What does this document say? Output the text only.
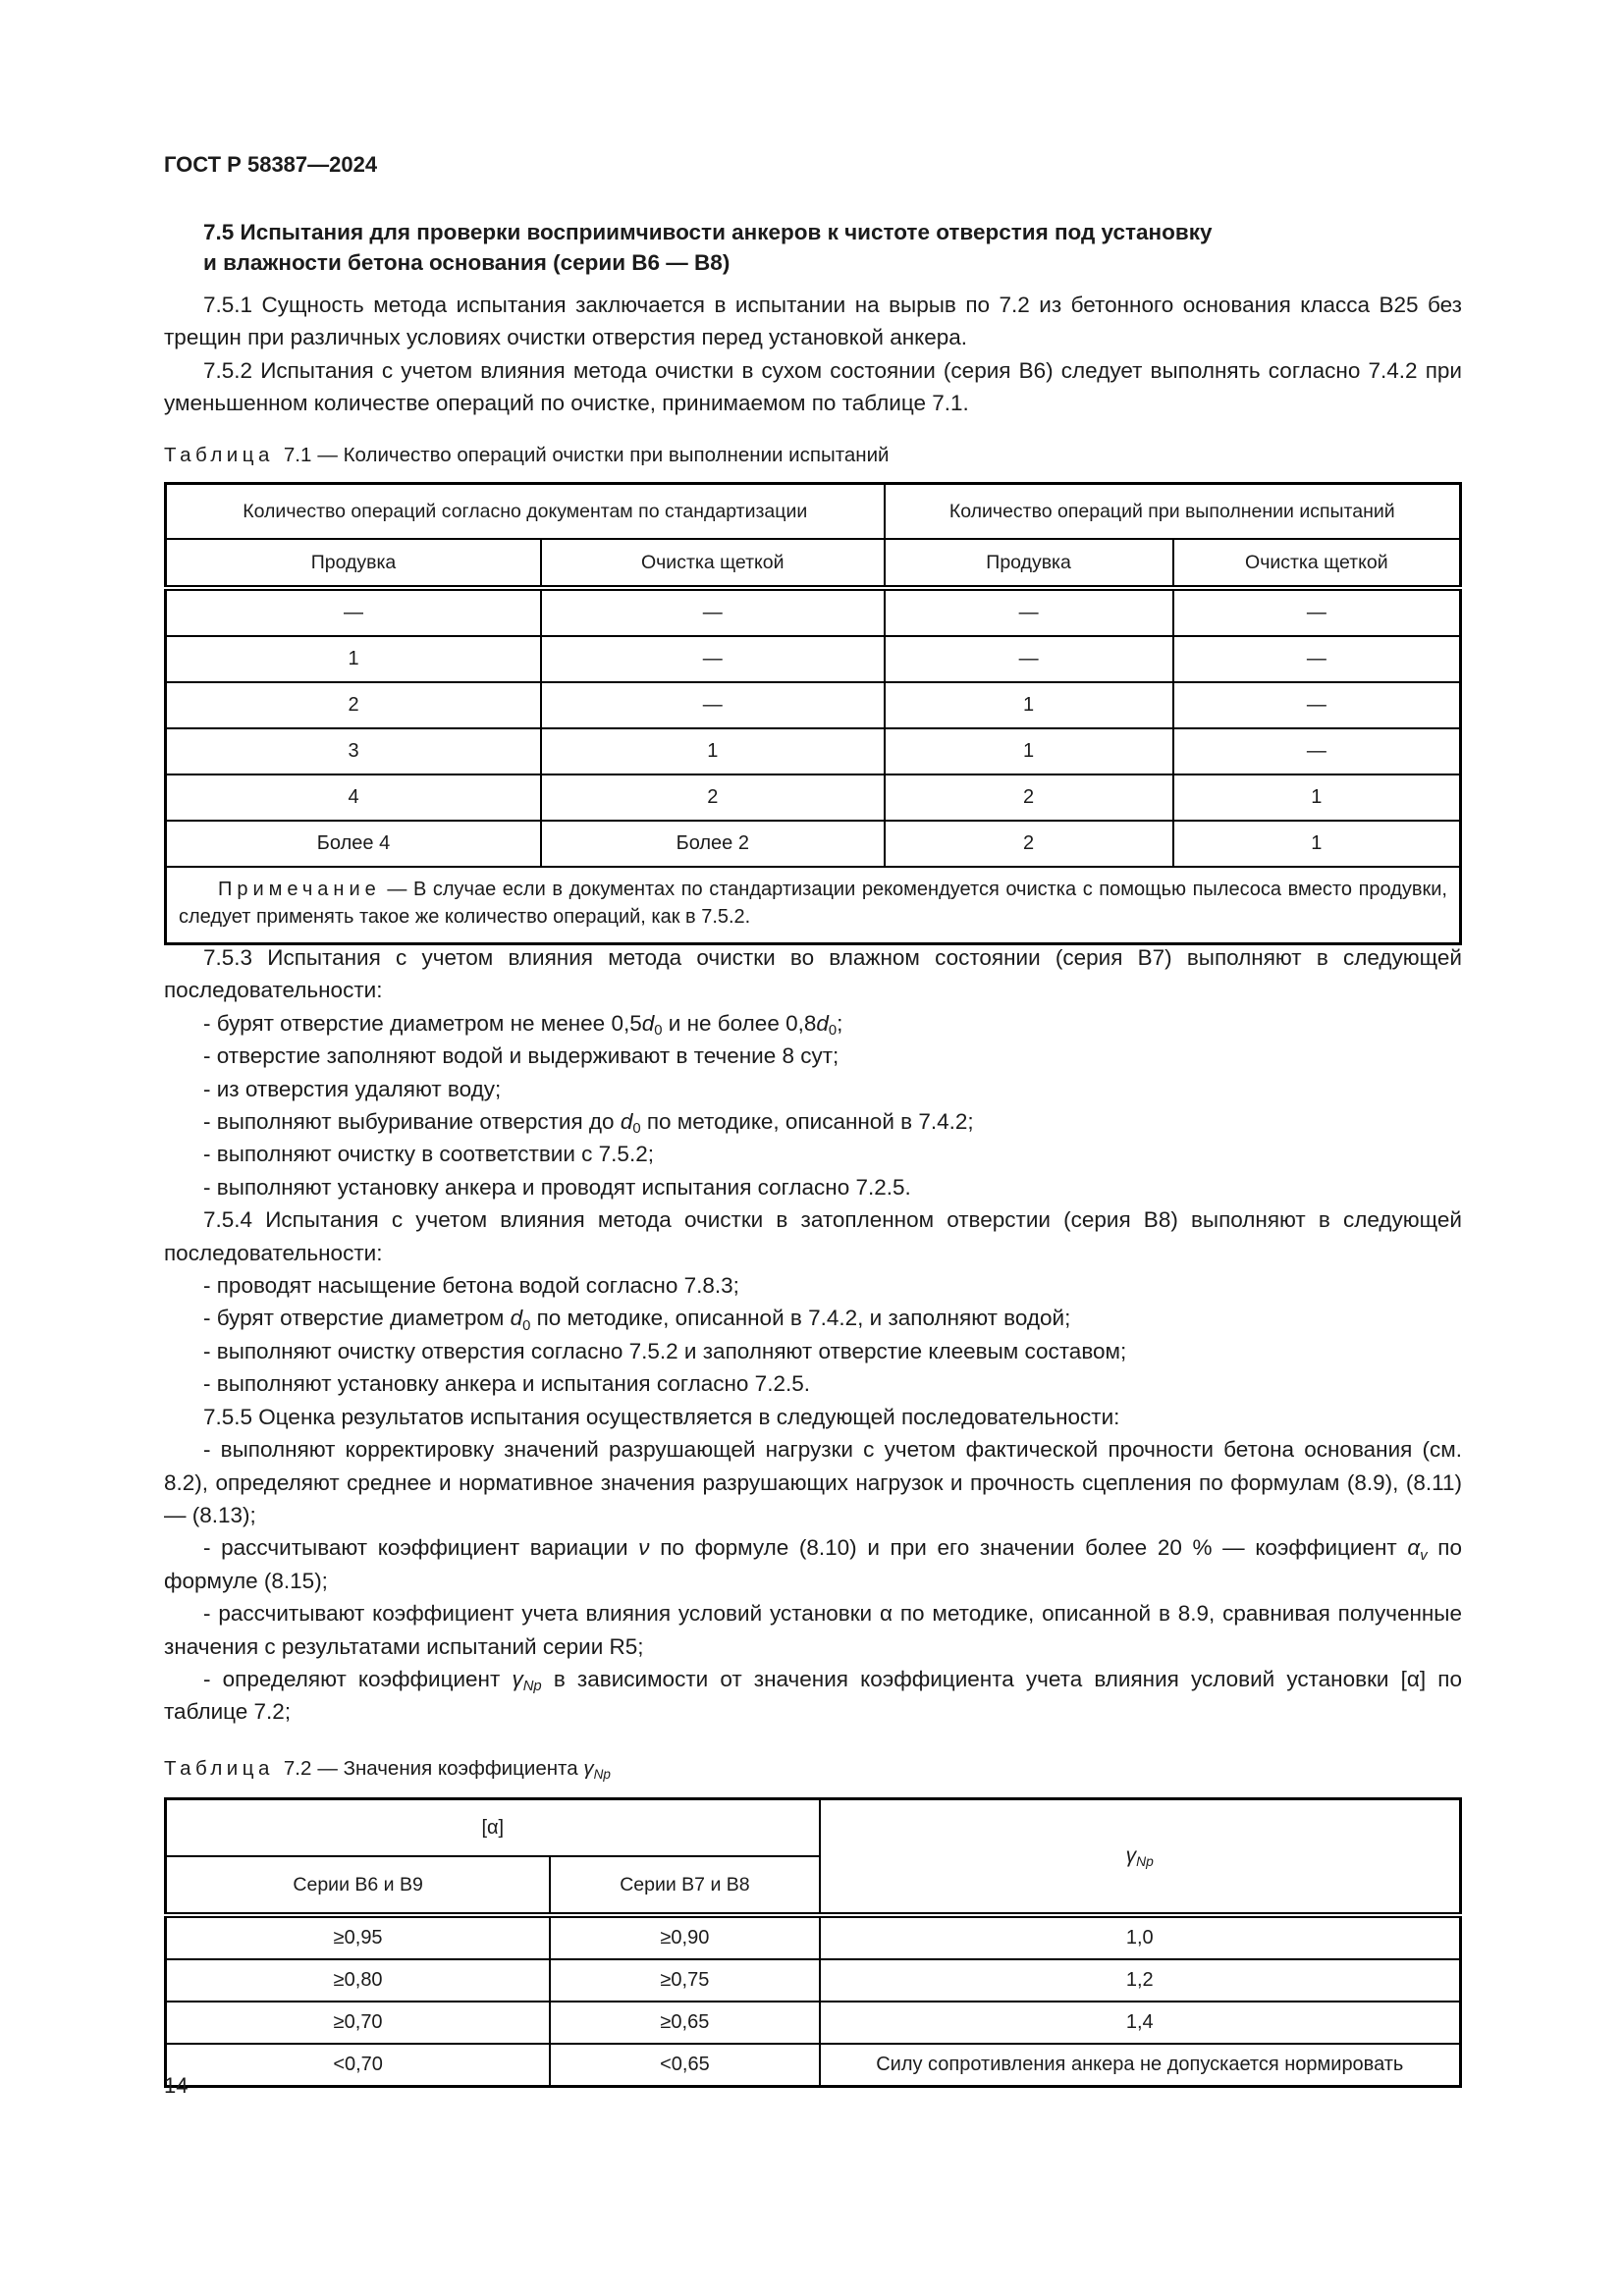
ГОСТ Р 58387—2024
7.5 Испытания для проверки восприимчивости анкеров к чистоте отверстия под установку
и влажности бетона основания (серии В6 — В8)

7.5.1 Сущность метода испытания заключается в испытании на вырыв по 7.2 из бетонного основания класса В25 без трещин при различных условиях очистки отверстия перед установкой анкера.

7.5.2 Испытания с учетом влияния метода очистки в сухом состоянии (серия В6) следует выполнять согласно 7.4.2 при уменьшенном количестве операций по очистке, принимаемом по таблице 7.1.

Таблица 7.1 — Количество операций очистки при выполнении испытаний
Количество операций согласно документам по стандартизации		Количество операций при выполнении испытаний	
Продувка	Очистка щеткой	Продувка	Очистка щеткой
—	—	—	—
1	—	—	—
2	—	1	—
3	1	1	—
4	2	2	1
Более 4	Более 2	2	1
Примечание — В случае если в документах по стандартизации рекомендуется очистка с помощью пылесоса вместо продувки, следует применять такое же количество операций, как в 7.5.2.			

7.5.3 Испытания с учетом влияния метода очистки во влажном состоянии (серия В7) выполняют в следующей последовательности:

- бурят отверстие диаметром не менее 0,5d0 и не более 0,8d0;

- отверстие заполняют водой и выдерживают в течение 8 сут;

- из отверстия удаляют воду;

- выполняют выбуривание отверстия до d0 по методике, описанной в 7.4.2;

- выполняют очистку в соответствии с 7.5.2;

- выполняют установку анкера и проводят испытания согласно 7.2.5.

7.5.4 Испытания с учетом влияния метода очистки в затопленном отверстии (серия В8) выполняют в следующей последовательности:

- проводят насыщение бетона водой согласно 7.8.3;

- бурят отверстие диаметром d0 по методике, описанной в 7.4.2, и заполняют водой;

- выполняют очистку отверстия согласно 7.5.2 и заполняют отверстие клеевым составом;

- выполняют установку анкера и испытания согласно 7.2.5.

7.5.5 Оценка результатов испытания осуществляется в следующей последовательности:

- выполняют корректировку значений разрушающей нагрузки с учетом фактической прочности бетона основания (см. 8.2), определяют среднее и нормативное значения разрушающих нагрузок и прочность сцепления по формулам (8.9), (8.11) — (8.13);

- рассчитывают коэффициент вариации ν по формуле (8.10) и при его значении более 20 % — коэффициент αv по формуле (8.15);

- рассчитывают коэффициент учета влияния условий установки α по методике, описанной в 8.9, сравнивая полученные значения с результатами испытаний серии R5;

- определяют коэффициент γNp в зависимости от значения коэффициента учета влияния условий установки [α] по таблице 7.2;

Таблица 7.2 — Значения коэффициента γNp
[α]		γNp
Серии В6 и В9	Серии В7 и В8	
≥0,95	≥0,90	1,0
≥0,80	≥0,75	1,2
≥0,70	≥0,65	1,4
<0,70	<0,65	Силу сопротивления анкера не допускается нормировать
14
